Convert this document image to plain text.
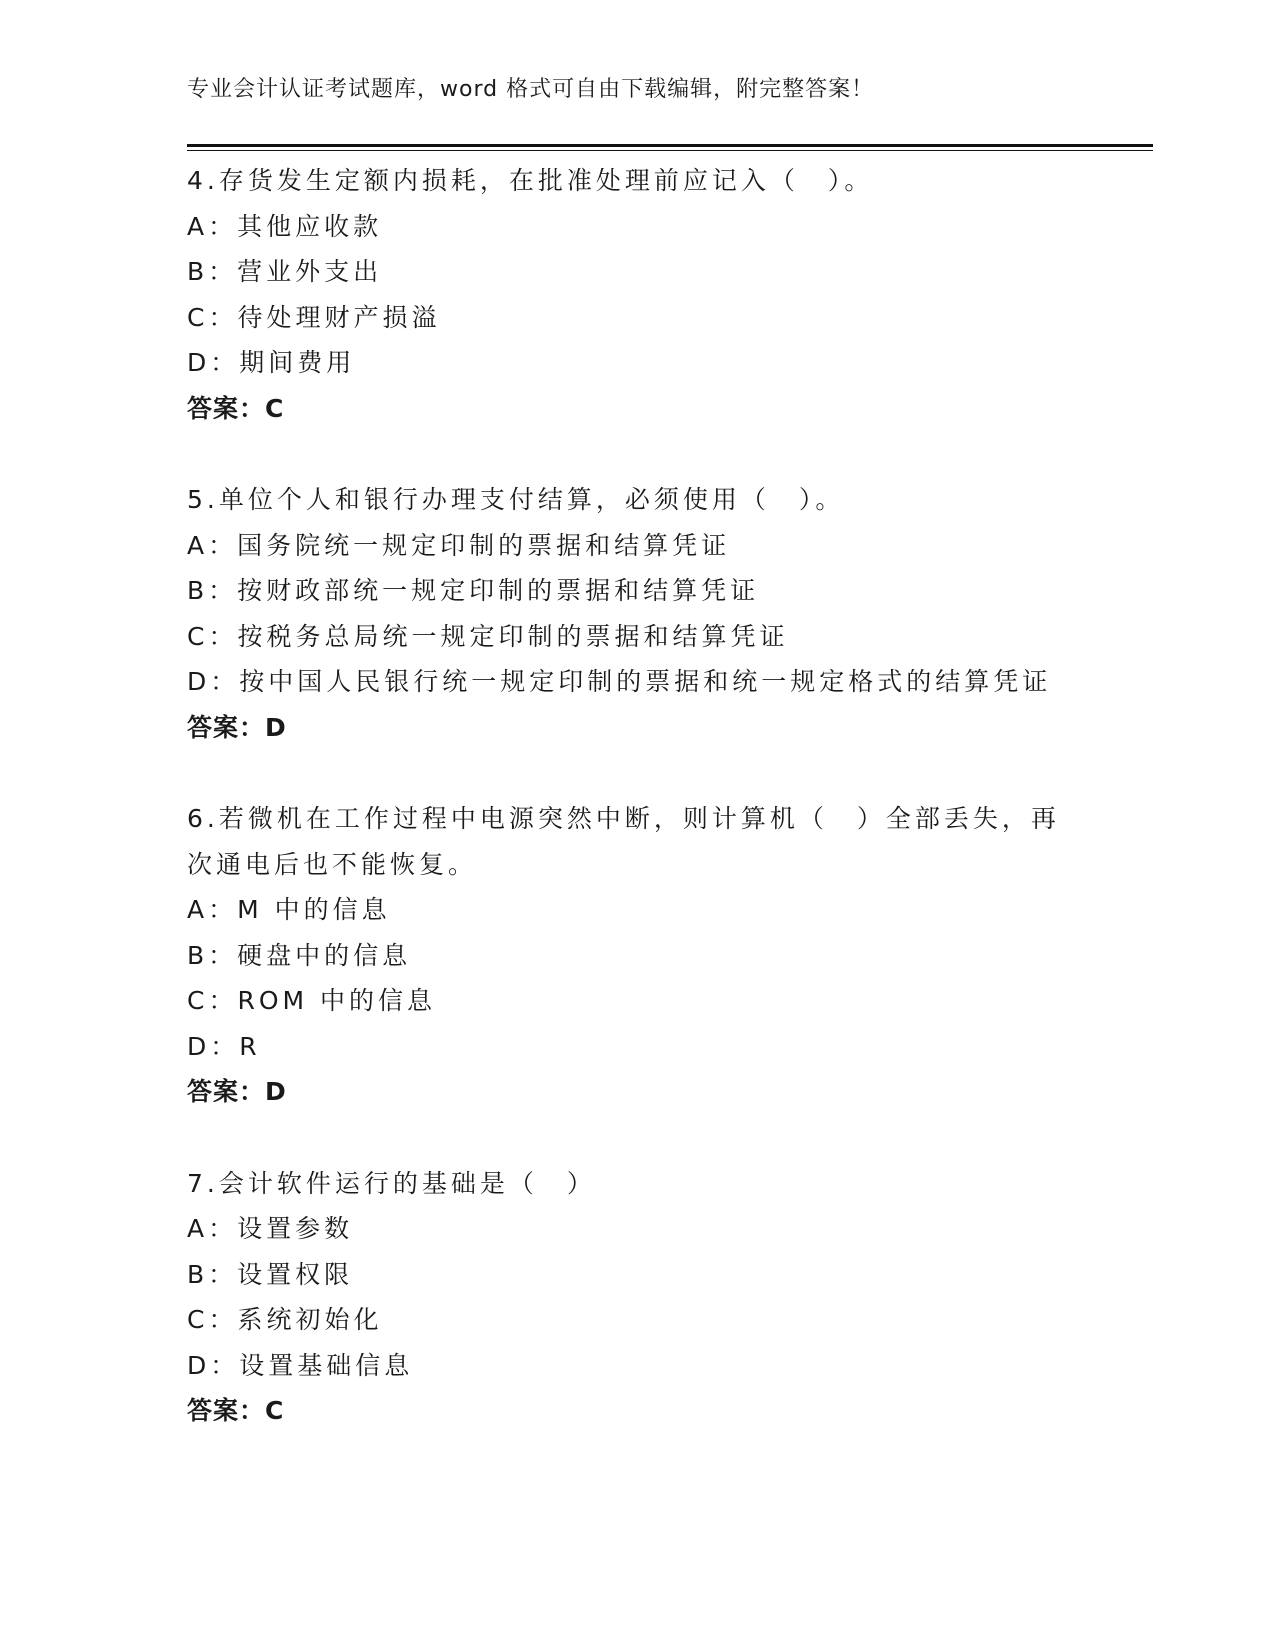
专业会计认证考试题库，word 格式可自由下载编辑，附完整答案！
4.存货发生定额内损耗，在批准处理前应记入（　）。
A：其他应收款
B：营业外支出
C：待处理财产损溢
D：期间费用
答案：C
5.单位个人和银行办理支付结算，必须使用（　）。
A：国务院统一规定印制的票据和结算凭证
B：按财政部统一规定印制的票据和结算凭证
C：按税务总局统一规定印制的票据和结算凭证
D：按中国人民银行统一规定印制的票据和统一规定格式的结算凭证
答案：D
6.若微机在工作过程中电源突然中断，则计算机（　）全部丢失，再
次通电后也不能恢复。
A：M 中的信息
B：硬盘中的信息
C：ROM 中的信息
D：R
答案：D
7.会计软件运行的基础是（　）
A：设置参数
B：设置权限
C：系统初始化
D：设置基础信息
答案：C
